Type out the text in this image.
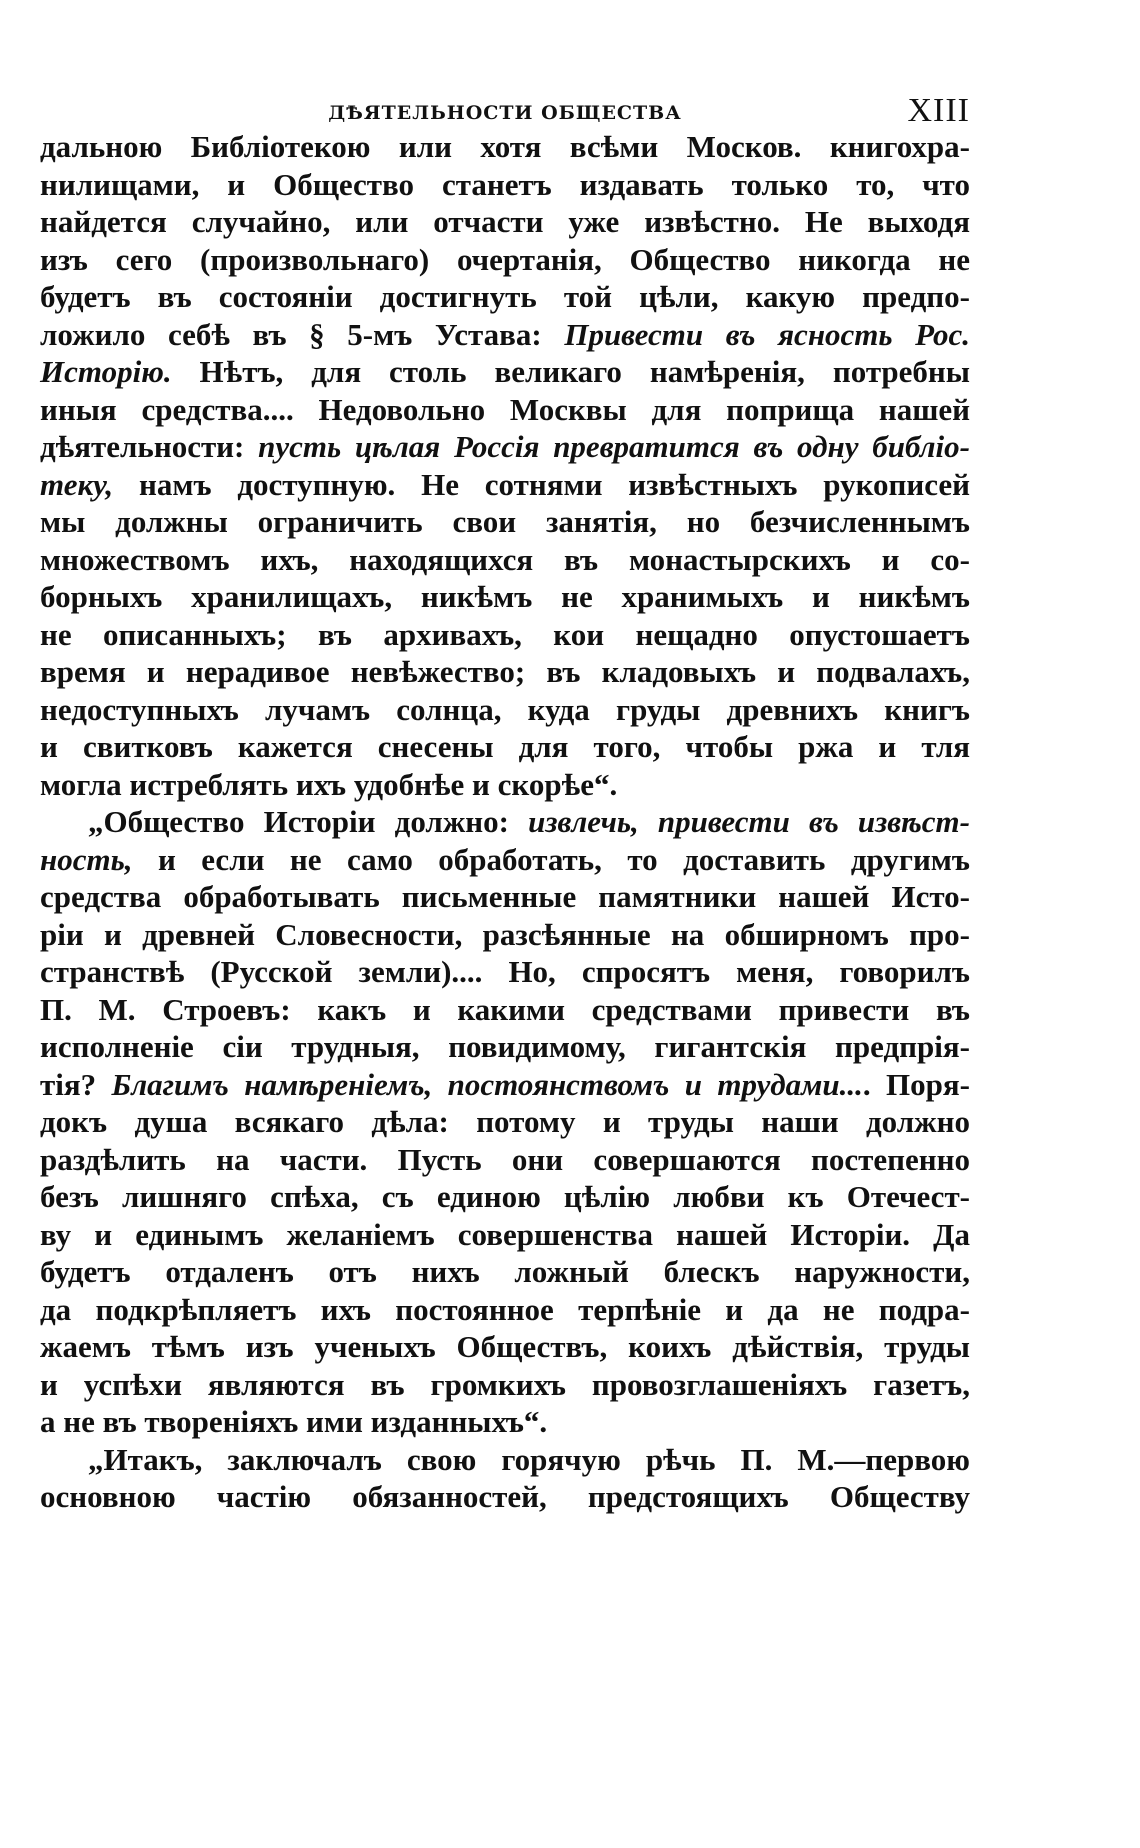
ДѢЯТЕЛЬНОСТИ ОБЩЕСТВА	XIII
дальною Библіотекою или хотя всѣми Москов. книгохра-
нилищами, и Общество станетъ издавать только то, что
найдется случайно, или отчасти уже извѣстно. Не выходя
изъ сего (произвольнаго) очертанія, Общество никогда не
будетъ въ состояніи достигнуть той цѣли, какую предпо-
ложило себѣ въ § 5-мъ Устава: Привести въ ясность Рос.
Исторію. Нѣтъ, для столь великаго намѣренія, потребны
иныя средства.... Недовольно Москвы для поприща нашей
дѣятельности: пусть цѣлая Россія превратится въ одну библіо-
теку, намъ доступную. Не сотнями извѣстныхъ рукописей
мы должны ограничить свои занятія, но безчисленнымъ
множествомъ ихъ, находящихся въ монастырскихъ и со-
борныхъ хранилищахъ, никѣмъ не хранимыхъ и никѣмъ
не описанныхъ; въ архивахъ, кои нещадно опустошаетъ
время и нерадивое невѣжество; въ кладовыхъ и подвалахъ,
недоступныхъ лучамъ солнца, куда груды древнихъ книгъ
и свитковъ кажется снесены для того, чтобы ржа и тля
могла истреблять ихъ удобнѣе и скорѣе“.
„Общество Исторіи должно: извлечь, привести въ извѣст-
ность, и если не само обработать, то доставить другимъ
средства обработывать письменные памятники нашей Исто-
ріи и древней Словесности, разсѣянные на обширномъ про-
странствѣ (Русской земли).... Но, спросятъ меня, говорилъ
П. М. Строевъ: какъ и какими средствами привести въ
исполненіе сіи трудныя, повидимому, гигантскія предпрія-
тія? Благимъ намѣреніемъ, постоянствомъ и трудами.... Поря-
докъ душа всякаго дѣла: потому и труды наши должно
раздѣлить на части. Пусть они совершаются постепенно
безъ лишняго спѣха, съ единою цѣлію любви къ Отечест-
ву и единымъ желаніемъ совершенства нашей Исторіи. Да
будетъ отдаленъ отъ нихъ ложный блескъ наружности,
да подкрѣпляетъ ихъ постоянное терпѣніе и да не подра-
жаемъ тѣмъ изъ ученыхъ Обществъ, коихъ дѣйствія, труды
и успѣхи являются въ громкихъ провозглашеніяхъ газетъ,
а не въ твореніяхъ ими изданныхъ“.
„Итакъ, заключалъ свою горячую рѣчь П. М.—первою
основною частію обязанностей, предстоящихъ Обществу
